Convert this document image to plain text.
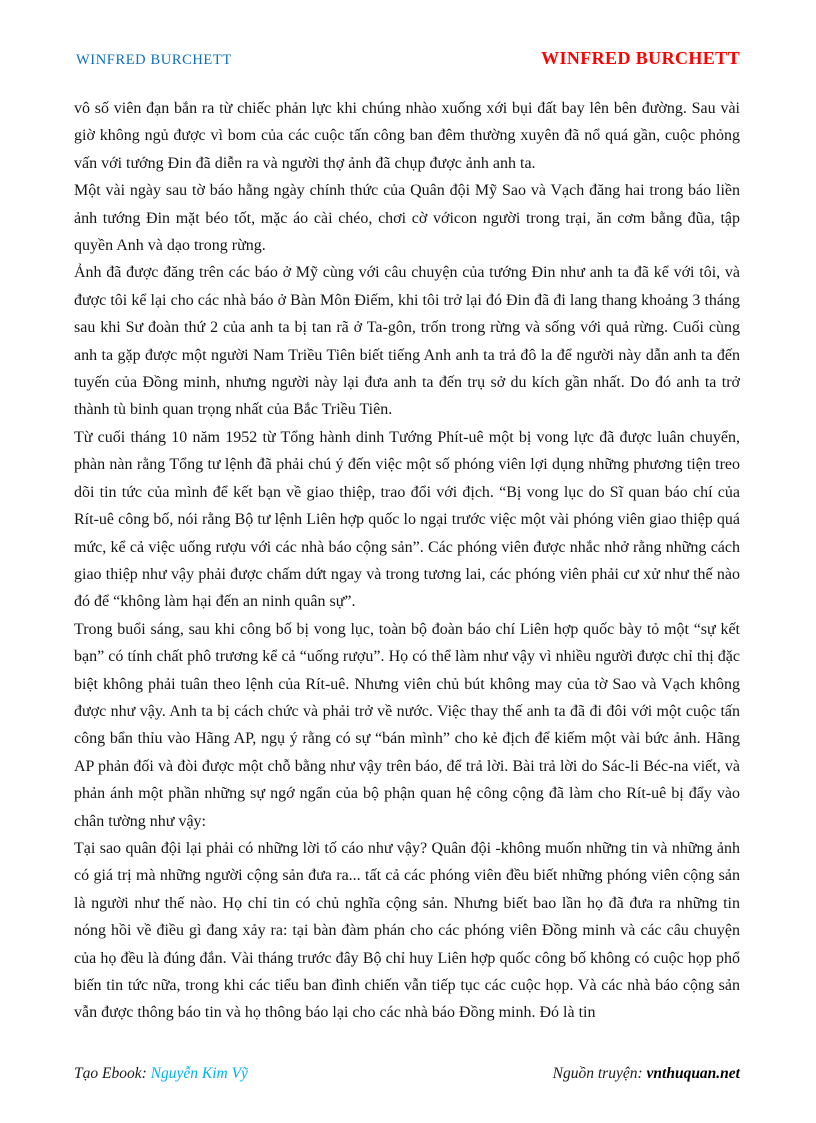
WINFRED BURCHETT	WINFRED BURCHETT

vô số viên đạn bắn ra từ chiếc phản lực khi chúng nhào xuống xới bụi đất bay lên bên đường. Sau vài giờ không ngủ được vì bom của các cuộc tấn công ban đêm thường xuyên đã nổ quá gần, cuộc phỏng vấn với tướng Đin đã diễn ra và người thợ ảnh đã chụp được ảnh anh ta.

Một vài ngày sau tờ báo hằng ngày chính thức của Quân đội Mỹ Sao và Vạch đăng hai trong báo liền ảnh tướng Đin mặt béo tốt, mặc áo cài chéo, chơi cờ vớicon người trong trại, ăn cơm bằng đũa, tập quyền Anh và dạo trong rừng.

Ảnh đã được đăng trên các báo ở Mỹ cùng với câu chuyện của tướng Đin như anh ta đã kể với tôi, và được tôi kể lại cho các nhà báo ở Bàn Môn Điếm, khi tôi trở lại đó Đin đã đi lang thang khoảng 3 tháng sau khi Sư đoàn thứ 2 của anh ta bị tan rã ở Ta-gôn, trốn trong rừng và sống với quả rừng. Cuối cùng anh ta gặp được một người Nam Triều Tiên biết tiếng Anh anh ta trả đô la để người này dẫn anh ta đến tuyến của Đồng minh, nhưng người này lại đưa anh ta đến trụ sở du kích gần nhất. Do đó anh ta trở thành tù binh quan trọng nhất của Bắc Triều Tiên.

Từ cuối tháng 10 năm 1952 từ Tổng hành dinh Tướng Phít-uê một bị vong lực đã được luân chuyển, phàn nàn rằng Tổng tư lệnh đã phải chú ý đến việc một số phóng viên lợi dụng những phương tiện treo dõi tin tức của mình để kết bạn về giao thiệp, trao đổi với địch. “Bị vong lục do Sĩ quan báo chí của Rít-uê công bố, nói rằng Bộ tư lệnh Liên hợp quốc lo ngại trước việc một vài phóng viên giao thiệp quá mức, kể cả việc uống rượu với các nhà báo cộng sản”. Các phóng viên được nhắc nhở rằng những cách giao thiệp như vậy phải được chấm dứt ngay và trong tương lai, các phóng viên phải cư xử như thế nào đó để “không làm hại đến an ninh quân sự”.

Trong buổi sáng, sau khi công bố bị vong lục, toàn bộ đoàn báo chí Liên hợp quốc bày tỏ một “sự kết bạn” có tính chất phô trương kể cả “uống rượu”. Họ có thể làm như vậy vì nhiều người được chỉ thị đặc biệt không phải tuân theo lệnh của Rít-uê. Nhưng viên chủ bút không may của tờ Sao và Vạch không được như vậy. Anh ta bị cách chức và phải trở về nước. Việc thay thế anh ta đã đi đôi với một cuộc tấn công bẩn thỉu vào Hãng AP, ngụ ý rằng có sự “bán mình” cho kẻ địch để kiếm một vài bức ảnh. Hãng AP phản đối và đòi được một chỗ bằng như vậy trên báo, để trả lời. Bài trả lời do Sác-li Béc-na viết, và phản ánh một phần những sự ngớ ngẩn của bộ phận quan hệ công cộng đã làm cho Rít-uê bị đẩy vào chân tường như vậy:

Tại sao quân đội lại phải có những lời tố cáo như vậy? Quân đội -không muốn những tin và những ảnh có giá trị mà những người cộng sản đưa ra... tất cả các phóng viên đều biết những phóng viên cộng sản là người như thế nào. Họ chỉ tin có chủ nghĩa cộng sản. Nhưng biết bao lần họ đã đưa ra những tin nóng hồi về điều gì đang xảy ra: tại bàn đàm phán cho các phóng viên Đồng minh và các câu chuyện của họ đều là đúng đắn. Vài tháng trước đây Bộ chỉ huy Liên hợp quốc công bố không có cuộc họp phổ biến tin tức nữa, trong khi các tiểu ban đình chiến vẫn tiếp tục các cuộc họp. Và các nhà báo cộng sản vẫn được thông báo tin và họ thông báo lại cho các nhà báo Đồng minh. Đó là tin

Tạo Ebook: Nguyễn Kim Vỹ	Nguồn truyện: vnthuquan.net
